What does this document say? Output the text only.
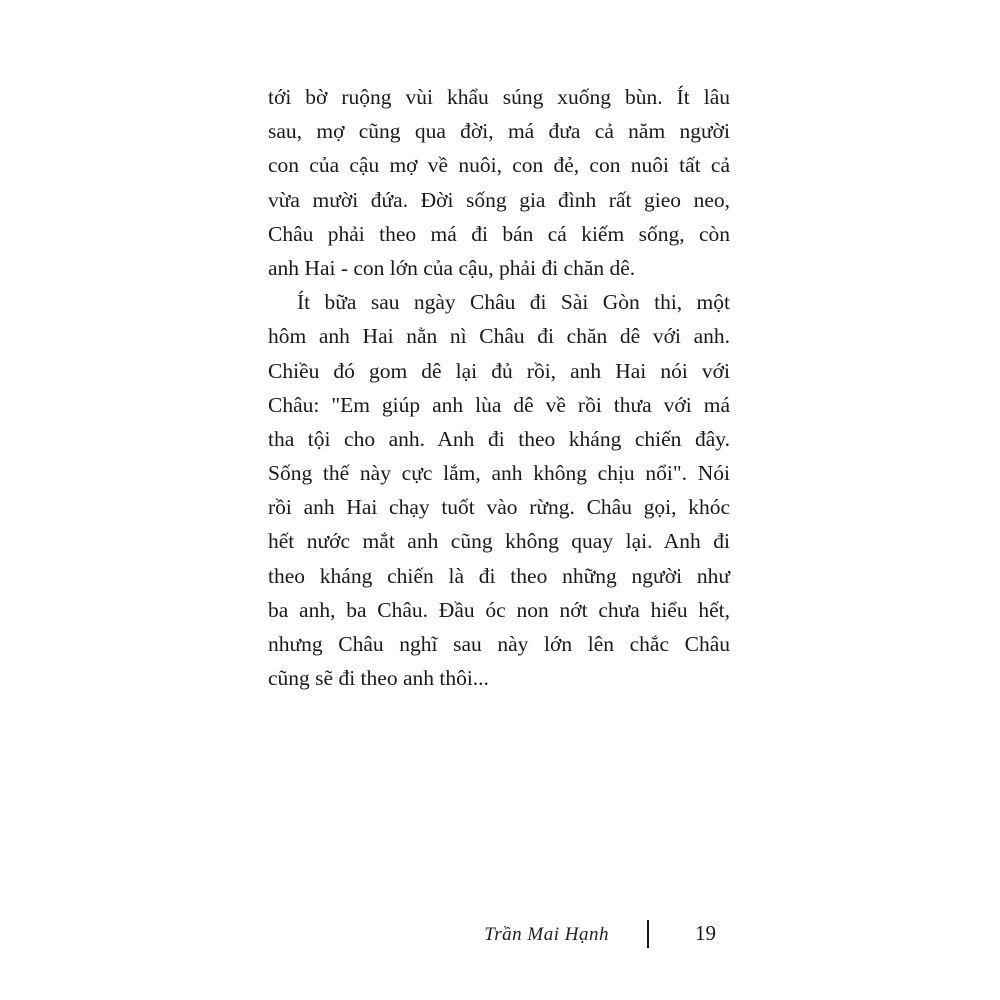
tới bờ ruộng vùi khẩu súng xuống bùn. Ít lâu
sau, mợ cũng qua đời, má đưa cả năm người
con của cậu mợ về nuôi, con đẻ, con nuôi tất cả
vừa mười đứa. Đời sống gia đình rất gieo neo,
Châu phải theo má đi bán cá kiếm sống, còn
anh Hai - con lớn của cậu, phải đi chăn dê.
Ít bữa sau ngày Châu đi Sài Gòn thi, một
hôm anh Hai nằn nì Châu đi chăn dê với anh.
Chiều đó gom dê lại đủ rồi, anh Hai nói với
Châu: "Em giúp anh lùa dê về rồi thưa với má
tha tội cho anh. Anh đi theo kháng chiến đây.
Sống thế này cực lắm, anh không chịu nổi". Nói
rồi anh Hai chạy tuốt vào rừng. Châu gọi, khóc
hết nước mắt anh cũng không quay lại. Anh đi
theo kháng chiến là đi theo những người như
ba anh, ba Châu. Đầu óc non nớt chưa hiểu hết,
nhưng Châu nghĩ sau này lớn lên chắc Châu
cũng sẽ đi theo anh thôi...
Trần Mai Hạnh	19
